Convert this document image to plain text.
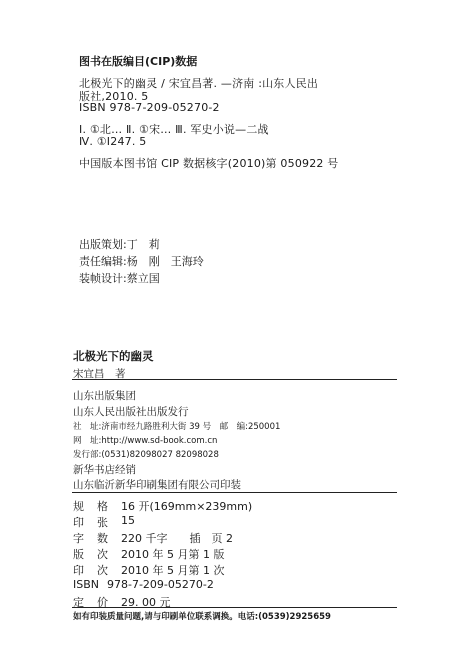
图书在版编目(CIP)数据
北极光下的幽灵 / 宋宜昌著. —济南 :山东人民出
版社,2010. 5
ISBN 978-7-209-05270-2
Ⅰ. ①北… Ⅱ. ①宋… Ⅲ. 军史小说—二战
Ⅳ. ①I247. 5
中国版本图书馆 CIP 数据核字(2010)第 050922 号
出版策划:丁　莉
责任编辑:杨　刚　王海玲
装帧设计:蔡立国
北极光下的幽灵
宋宜昌　著
山东出版集团
山东人民出版社出版发行
社　址:济南市经九路胜利大街 39 号　邮　编:250001
网　址:http://www.sd-book.com.cn
发行部:(0531)82098027 82098028
新华书店经销
山东临沂新华印刷集团有限公司印装
规格 16 开(169mm×239mm)
印张 15
字数 220 千字　　插　页 2
版次 2010 年 5 月第 1 版
印次 2010 年 5 月第 1 次
ISBN 978-7-209-05270-2
定价 29. 00 元
如有印装质量问题,请与印刷单位联系调换。电话:(0539)2925659
